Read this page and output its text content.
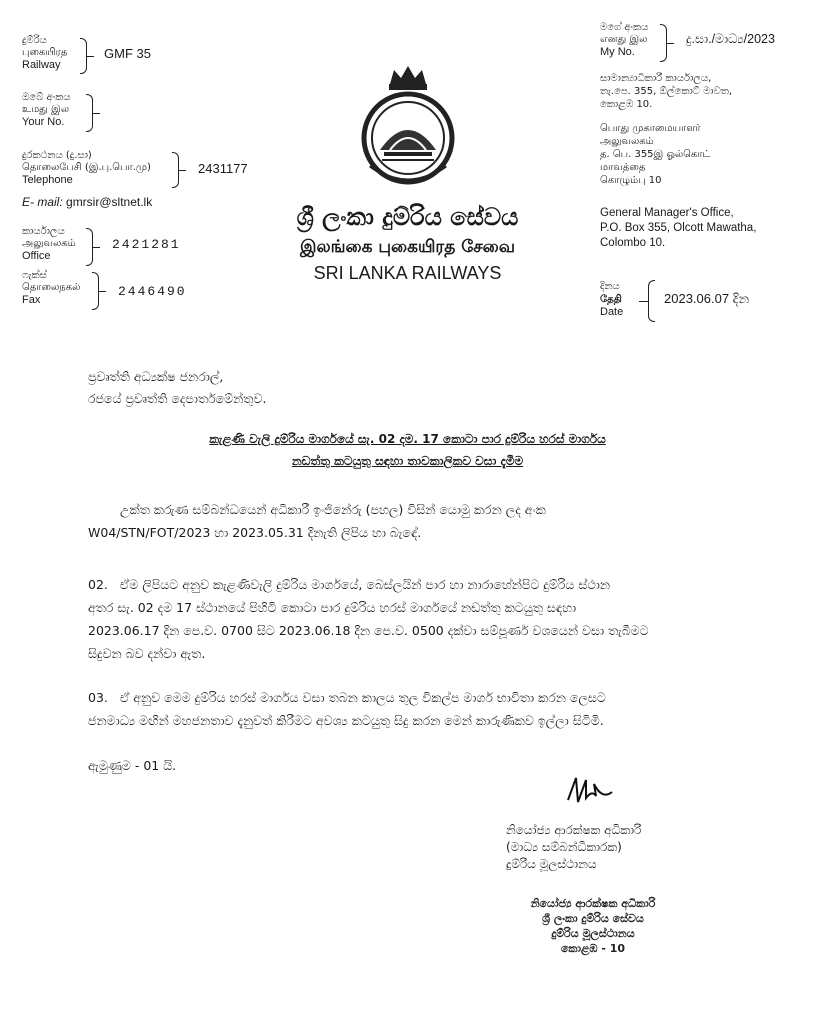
දුම්රිය
புகையிரத
Railway
GMF 35
ඔබේ අංකය
உமது இல
Your No.
දුරකථනය (දු.සා)
தொலைபேசி (இ.பு.பொ.மு)
Telephone
2431177
E- mail: gmrsir@sltnet.lk
කාර්යාලය
அலுவலகம்
Office
2421281
ෆැක්ස්
தொலைநகல்
Fax
2446490
ශ්‍රී ලංකා දුම්රිය සේවය
இலங்கை புகையிரத சேவை
SRI LANKA RAILWAYS
මගේ අංකය
எனது இல
My No.
දු.සා./මාධ්‍ය/2023
සාමාන්‍යාධිකාරී කාර්යාලය,
තැ.පෙ. 355, ඕල්කොට් මාවත,
කොළඹ 10.
பொது முகாமையாளர்
அலுவலகம்
த. பெ. 355இ ஓல்கொட்
மாவத்தை
கொழும்பு 10
General Manager's Office,
P.O. Box 355, Olcott Mawatha,
Colombo 10.
දිනය
தேதி
Date
2023.06.07 දින
ප්‍රවෘත්ති අධ්‍යක්ෂ ජනරාල්,
රජයේ ප්‍රවෘත්ති දෙපාර්තමේන්තුව.
කැළණි වැලි දුම්රිය මාර්ගයේ සැ. 02 දම. 17 කොටා පාර දුම්රිය හරස් මාර්ගය
නඩත්තු කටයුතු සඳහා තාවකාලිකව වසා දැමීම
උක්ත කරුණ සම්බන්ධයෙන් අධිකාරී ඉංජිනේරු (පහල) විසින් යොමු කරන ලද අංක
W04/STN/FOT/2023 හා 2023.05.31 දිනැති ලිපිය හා බැඳේ.
02. ඒම ලිපියට අනුව කැළණිවැලි දුම්රිය මාර්ගයේ, බෙස්ලයින් පාර හා නාරාහේන්පිට දුම්රිය ස්ථාන
අතර සැ. 02 දම 17 ස්ථානයේ පිහිටි කොටා පාර දුම්රිය හරස් මාර්ගයේ නඩත්තු කටයුතු සඳහා
2023.06.17 දින පෙ.ව. 0700 සිට 2023.06.18 දින පෙ.ව. 0500 දක්වා සම්පූර්ණ වශයෙන් වසා තැබීමට
සිදුවන බව දන්වා ඇත.
03. ඒ අනුව මෙම දුම්රිය හරස් මාර්ගය වසා තබන කාලය තුල විකල්ප මාර්ග භාවිතා කරන ලෙසට
ජනමාධ්‍ය මඟින් මහජනතාව දැනුවත් කිරීමට අවශ්‍ය කටයුතු සිදු කරන මෙන් කාරුණිකව ඉල්ලා සිටිමි.
ඇමුණුම - 01 යි.
නියෝජ්‍ය ආරක්ෂක අධිකාරි
(මාධ්‍ය සම්බන්ධීකාරක)
දුම්රිය මූලස්ථානය
නියෝජ්‍ය ආරක්ෂක අධිකාරි
ශ්‍රී ලංකා දුම්රිය සේවය
දුම්රිය මූලස්ථානය
කොළඹ - 10
